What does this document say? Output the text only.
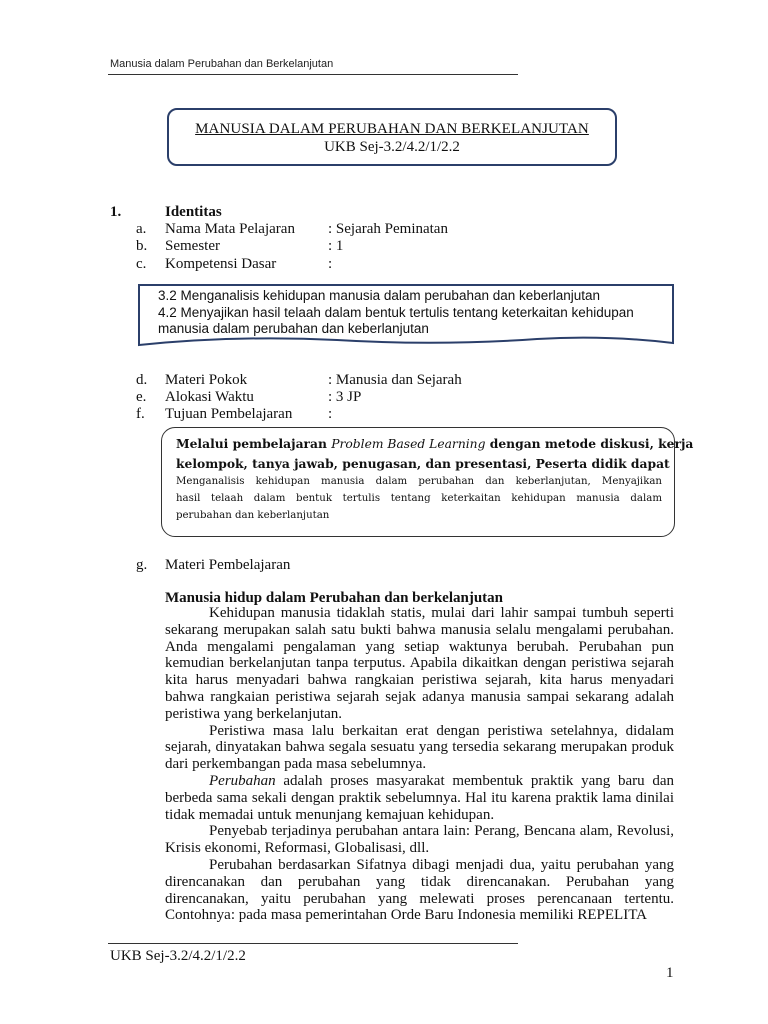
Manusia dalam Perubahan dan Berkelanjutan
MANUSIA DALAM PERUBAHAN DAN BERKELANJUTAN
UKB Sej-3.2/4.2/1/2.2
1.	Identitas
a. Nama Mata Pelajaran : Sejarah Peminatan
b. Semester	: 1
c. Kompetensi Dasar	:
3.2 Menganalisis kehidupan manusia dalam perubahan dan keberlanjutan
4.2 Menyajikan hasil telaah dalam bentuk tertulis tentang keterkaitan kehidupan
manusia dalam perubahan dan keberlanjutan
d. Materi Pokok	: Manusia dan Sejarah
e. Alokasi Waktu	: 3 JP
f. Tujuan Pembelajaran :
Melalui pembelajaran Problem Based Learning dengan metode diskusi, kerja
kelompok, tanya jawab, penugasan, dan presentasi, Peserta didik dapat
Menganalisis kehidupan manusia dalam perubahan dan keberlanjutan, Menyajikan
hasil telaah dalam bentuk tertulis tentang keterkaitan kehidupan manusia dalam
perubahan dan keberlanjutan
g. Materi Pembelajaran
Manusia hidup dalam Perubahan dan berkelanjutan

Kehidupan manusia tidaklah statis, mulai dari lahir sampai tumbuh seperti sekarang merupakan salah satu bukti bahwa manusia selalu mengalami perubahan. Anda mengalami pengalaman yang setiap waktunya berubah. Perubahan pun kemudian berkelanjutan tanpa terputus. Apabila dikaitkan dengan peristiwa sejarah kita harus menyadari bahwa rangkaian peristiwa sejarah, kita harus menyadari bahwa rangkaian peristiwa sejarah sejak adanya manusia sampai sekarang adalah peristiwa yang berkelanjutan.

Peristiwa masa lalu berkaitan erat dengan peristiwa setelahnya, didalam sejarah, dinyatakan bahwa segala sesuatu yang tersedia sekarang merupakan produk dari perkembangan pada masa sebelumnya.

Perubahan adalah proses masyarakat membentuk praktik yang baru dan berbeda sama sekali dengan praktik sebelumnya. Hal itu karena praktik lama dinilai tidak memadai untuk menunjang kemajuan kehidupan.

Penyebab terjadinya perubahan antara lain: Perang, Bencana alam, Revolusi, Krisis ekonomi, Reformasi, Globalisasi, dll.

Perubahan berdasarkan Sifatnya dibagi menjadi dua, yaitu perubahan yang direncanakan dan perubahan yang tidak direncanakan. Perubahan yang direncanakan, yaitu perubahan yang melewati proses perencanaan tertentu. Contohnya: pada masa pemerintahan Orde Baru Indonesia memiliki REPELITA

UKB Sej-3.2/4.2/1/2.2
1
